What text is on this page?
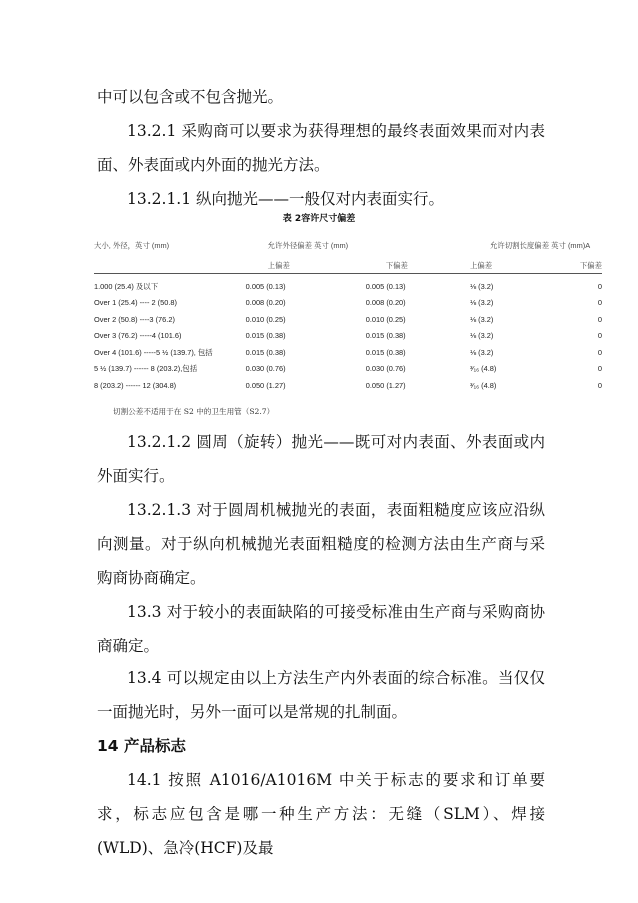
中可以包含或不包含抛光。

13.2.1 采购商可以要求为获得理想的最终表面效果而对内表面、外表面或内外面的抛光方法。

13.2.1.1 纵向抛光——一般仅对内表面实行。

表 2容许尺寸偏差
大小, 外径，英寸 (mm)	允许外径偏差 英寸 (mm)		允许切割长度偏差 英寸 (mm)A	
	上偏差	下偏差	上偏差	下偏差
1.000 (25.4) 及以下	0.005 (0.13)	0.005 (0.13)	⅛ (3.2)	0
Over 1 (25.4) ---- 2 (50.8)	0.008 (0.20)	0.008 (0.20)	⅛ (3.2)	0
Over 2 (50.8) ----3 (76.2)	0.010 (0.25)	0.010 (0.25)	⅛ (3.2)	0
Over 3 (76.2) -----4 (101.6)	0.015 (0.38)	0.015 (0.38)	⅛ (3.2)	0
Over 4 (101.6) -----5 ½ (139.7), 包括	0.015 (0.38)	0.015 (0.38)	⅛ (3.2)	0
5 ½ (139.7) ------ 8 (203.2),包括	0.030 (0.76)	0.030 (0.76)	³⁄₁₆ (4.8)	0
8 (203.2) ------ 12 (304.8)	0.050 (1.27)	0.050 (1.27)	³⁄₁₆ (4.8)	0
切割公差不适用于在 S2 中的卫生用管（S2.7）

13.2.1.2 圆周（旋转）抛光——既可对内表面、外表面或内外面实行。

13.2.1.3 对于圆周机械抛光的表面，表面粗糙度应该应沿纵向测量。对于纵向机械抛光表面粗糙度的检测方法由生产商与采购商协商确定。

13.3 对于较小的表面缺陷的可接受标准由生产商与采购商协商确定。

13.4 可以规定由以上方法生产内外表面的综合标准。当仅仅一面抛光时，另外一面可以是常规的扎制面。

14 产品标志

14.1 按照 A1016/A1016M 中关于标志的要求和订单要求，标志应包含是哪一种生产方法：无缝（SLM）、焊接(WLD)、急冷(HCF)及最
